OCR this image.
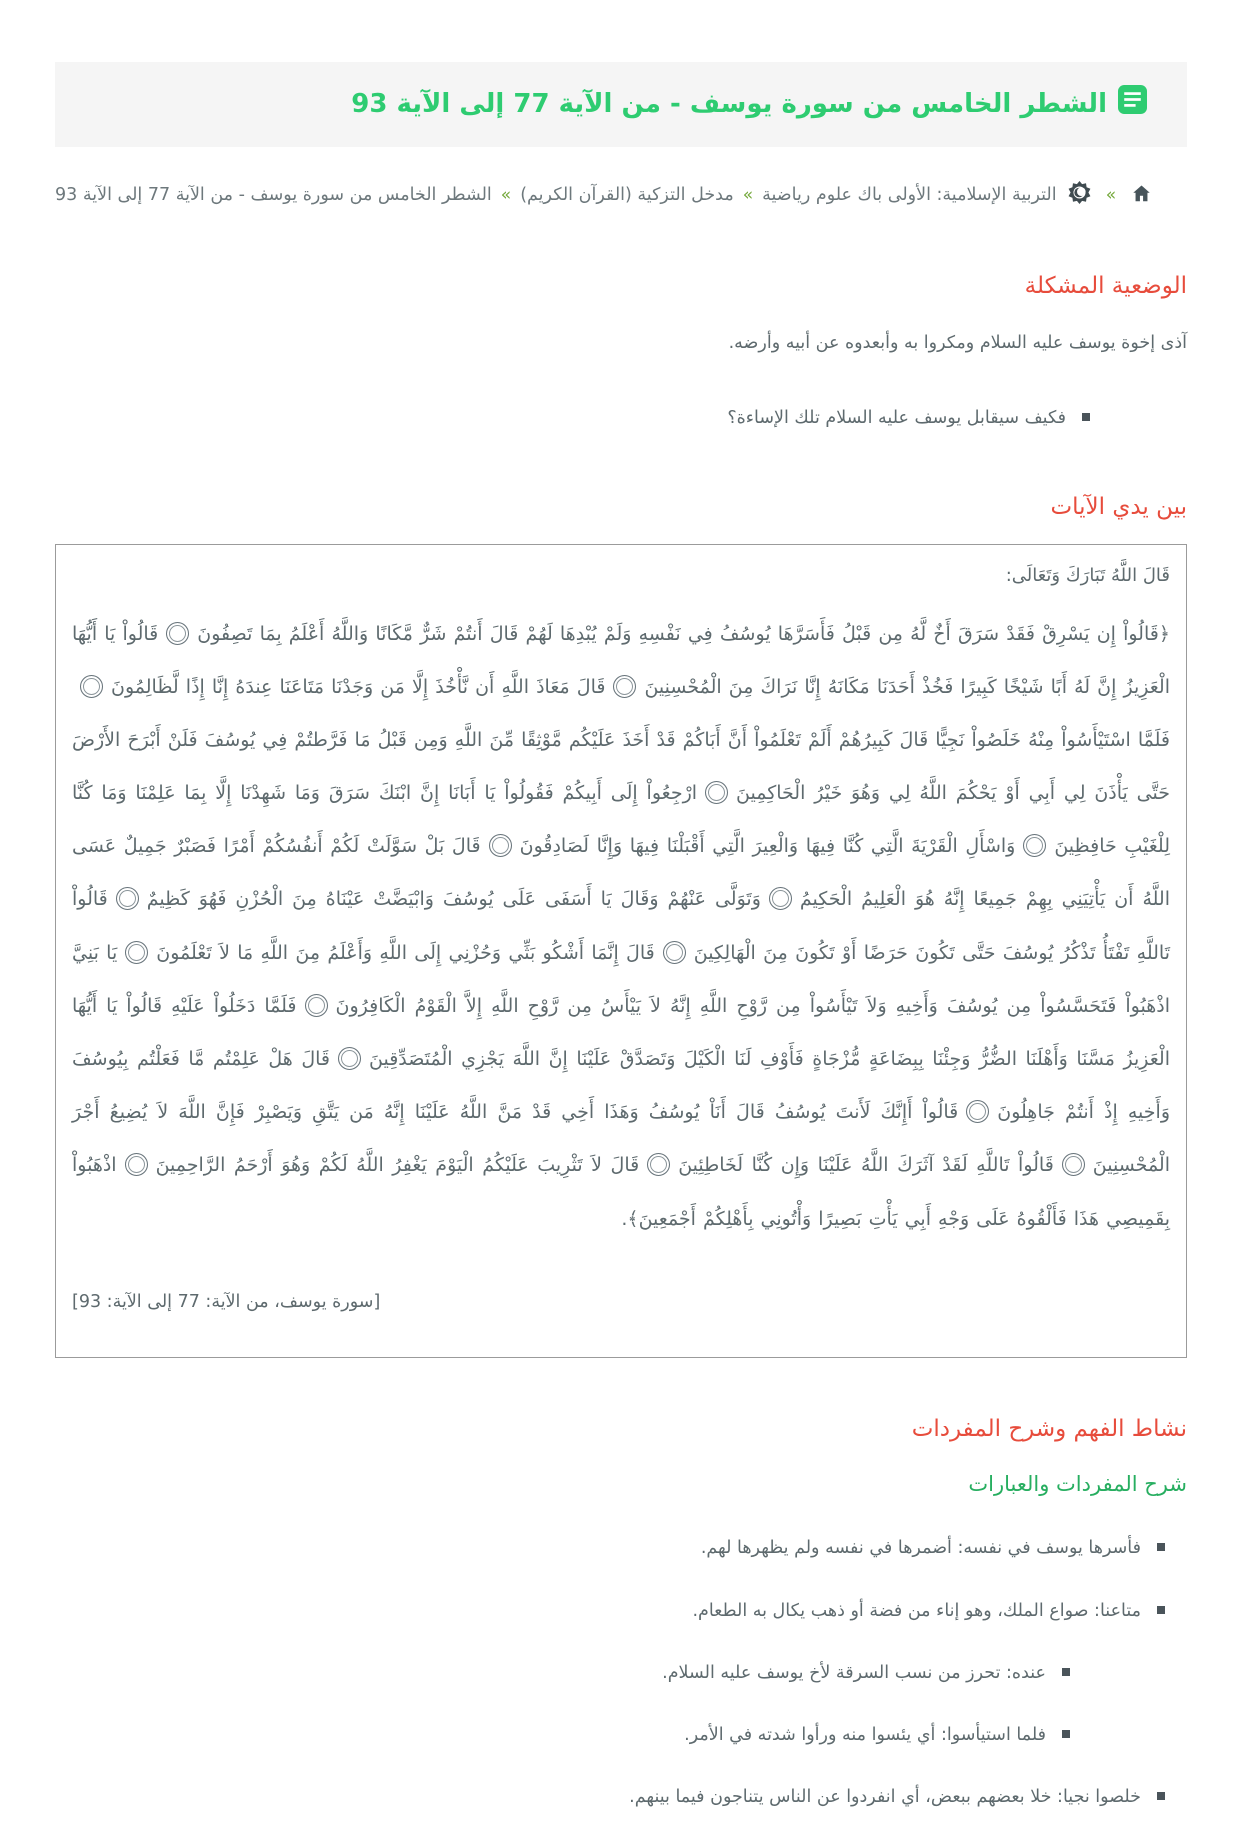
الشطر الخامس من سورة يوسف - من الآية 77 إلى الآية 93
»  التربية الإسلامية: الأولى باك علوم رياضية»مدخل التزكية (القرآن الكريم)»الشطر الخامس من سورة يوسف - من الآية 77 إلى الآية 93
الوضعية المشكلة

آذى إخوة يوسف عليه السلام ومكروا به وأبعدوه عن أبيه وأرضه.

فكيف سيقابل يوسف عليه السلام تلك الإساءة؟
بين يدي الآيات

قَالَ اللَّهُ تَبَارَكَ وَتَعَالَى:

﴿قَالُواْ إِن يَسْرِقْ فَقَدْ سَرَقَ أَخٌ لَّهُ مِن قَبْلُ فَأَسَرَّهَا يُوسُفُ فِي نَفْسِهِ وَلَمْ يُبْدِهَا لَهُمْ قَالَ أَنتُمْ شَرٌّ مَّكَانًا وَاللَّهُ أَعْلَمُ بِمَا تَصِفُونَقَالُواْ يَا أَيُّهَا الْعَزِيزُ إِنَّ لَهُ أَبًا شَيْخًا كَبِيرًا فَخُذْ أَحَدَنَا مَكَانَهُ إِنَّا نَرَاكَ مِنَ الْمُحْسِنِينَقَالَ مَعَاذَ اللَّهِ أَن نَّأْخُذَ إِلَّا مَن وَجَدْنَا مَتَاعَنَا عِندَهُ إِنَّا إِذًا لَّظَالِمُونَفَلَمَّا اسْتَيْأَسُواْ مِنْهُ خَلَصُواْ نَجِيًّا قَالَ كَبِيرُهُمْ أَلَمْ تَعْلَمُواْ أَنَّ أَبَاكُمْ قَدْ أَخَذَ عَلَيْكُم مَّوْثِقًا مِّنَ اللَّهِ وَمِن قَبْلُ مَا فَرَّطتُمْ فِي يُوسُفَ فَلَنْ أَبْرَحَ الأَرْضَ حَتَّى يَأْذَنَ لِي أَبِي أَوْ يَحْكُمَ اللَّهُ لِي وَهُوَ خَيْرُ الْحَاكِمِينَارْجِعُواْ إِلَى أَبِيكُمْ فَقُولُواْ يَا أَبَانَا إِنَّ ابْنَكَ سَرَقَ وَمَا شَهِدْنَا إِلَّا بِمَا عَلِمْنَا وَمَا كُنَّا لِلْغَيْبِ حَافِظِينَوَاسْأَلِ الْقَرْيَةَ الَّتِي كُنَّا فِيهَا وَالْعِيرَ الَّتِي أَقْبَلْنَا فِيهَا وَإِنَّا لَصَادِقُونَقَالَ بَلْ سَوَّلَتْ لَكُمْ أَنفُسُكُمْ أَمْرًا فَصَبْرٌ جَمِيلٌ عَسَى اللَّهُ أَن يَأْتِيَنِي بِهِمْ جَمِيعًا إِنَّهُ هُوَ الْعَلِيمُ الْحَكِيمُوَتَوَلَّى عَنْهُمْ وَقَالَ يَا أَسَفَى عَلَى يُوسُفَ وَابْيَضَّتْ عَيْنَاهُ مِنَ الْحُزْنِ فَهُوَ كَظِيمٌقَالُواْ تَاللَّهِ تَفْتَأُ تَذْكُرُ يُوسُفَ حَتَّى تَكُونَ حَرَضًا أَوْ تَكُونَ مِنَ الْهَالِكِينَقَالَ إِنَّمَا أَشْكُو بَثِّي وَحُزْنِي إِلَى اللَّهِ وَأَعْلَمُ مِنَ اللَّهِ مَا لاَ تَعْلَمُونَيَا بَنِيَّ اذْهَبُواْ فَتَحَسَّسُواْ مِن يُوسُفَ وَأَخِيهِ وَلاَ تَيْأَسُواْ مِن رَّوْحِ اللَّهِ إِنَّهُ لاَ يَيْأَسُ مِن رَّوْحِ اللَّهِ إِلاَّ الْقَوْمُ الْكَافِرُونَفَلَمَّا دَخَلُواْ عَلَيْهِ قَالُواْ يَا أَيُّهَا الْعَزِيزُ مَسَّنَا وَأَهْلَنَا الضُّرُّ وَجِئْنَا بِبِضَاعَةٍ مُّزْجَاةٍ فَأَوْفِ لَنَا الْكَيْلَ وَتَصَدَّقْ عَلَيْنَا إِنَّ اللَّهَ يَجْزِي الْمُتَصَدِّقِينَقَالَ هَلْ عَلِمْتُم مَّا فَعَلْتُم بِيُوسُفَ وَأَخِيهِ إِذْ أَنتُمْ جَاهِلُونَقَالُواْ أَإِنَّكَ لَأَنتَ يُوسُفُ قَالَ أَنَاْ يُوسُفُ وَهَذَا أَخِي قَدْ مَنَّ اللَّهُ عَلَيْنَا إِنَّهُ مَن يَتَّقِ وَيَصْبِرْ فَإِنَّ اللَّهَ لاَ يُضِيعُ أَجْرَ الْمُحْسِنِينَقَالُواْ تَاللَّهِ لَقَدْ آثَرَكَ اللَّهُ عَلَيْنَا وَإِن كُنَّا لَخَاطِئِينَقَالَ لاَ تَثْرِيبَ عَلَيْكُمُ الْيَوْمَ يَغْفِرُ اللَّهُ لَكُمْ وَهُوَ أَرْحَمُ الرَّاحِمِينَاذْهَبُواْ بِقَمِيصِي هَذَا فَأَلْقُوهُ عَلَى وَجْهِ أَبِي يَأْتِ بَصِيرًا وَأْتُونِي بِأَهْلِكُمْ أَجْمَعِينَ﴾.

[سورة يوسف، من الآية: 77 إلى الآية: 93]

نشاط الفهم وشرح المفردات
شرح المفردات والعبارات
فأسرها يوسف في نفسه: أضمرها في نفسه ولم يظهرها لهم.
متاعنا: صواع الملك، وهو إناء من فضة أو ذهب يكال به الطعام.
عنده: تحرز من نسب السرقة لأخ يوسف عليه السلام.
فلما استيأسوا: أي يئسوا منه ورأوا شدته في الأمر.
خلصوا نجيا: خلا بعضهم ببعض، أي انفردوا عن الناس يتناجون فيما بينهم.
